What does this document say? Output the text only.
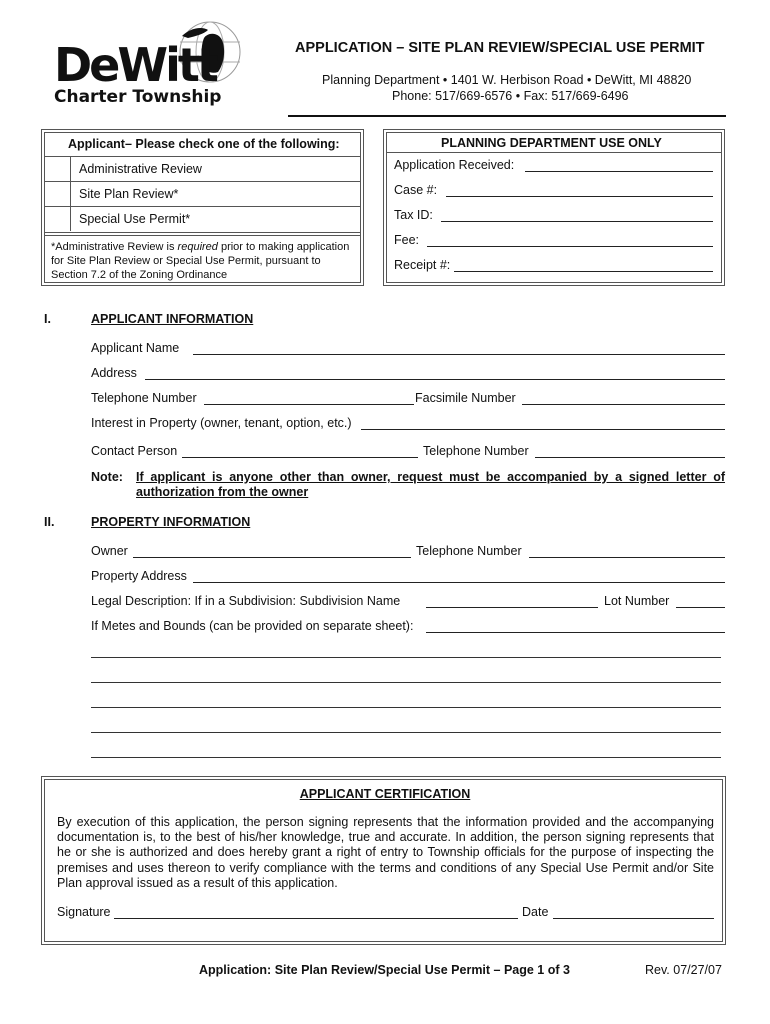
DeWitt
Charter Township
APPLICATION – SITE PLAN REVIEW/SPECIAL USE PERMIT
Planning Department • 1401 W. Herbison Road • DeWitt, MI 48820
Phone: 517/669-6576 • Fax: 517/669-6496
Applicant– Please check one of the following:
Administrative Review
Site Plan Review*
Special Use Permit*
*Administrative Review is required prior to making application for Site Plan Review or Special Use Permit, pursuant to Section 7.2 of the Zoning Ordinance
PLANNING DEPARTMENT USE ONLY
Application Received:
Case #:
Tax ID:
Fee:
Receipt #:
I.	APPLICANT INFORMATION
Applicant Name
Address
Telephone Number	Facsimile Number
Interest in Property (owner, tenant, option, etc.)
Contact Person	Telephone Number
Note: If applicant is anyone other than owner, request must be accompanied by a signed letter of authorization from the owner
II.	PROPERTY INFORMATION
Owner	Telephone Number
Property Address
Legal Description: If in a Subdivision: Subdivision Name	Lot Number
If Metes and Bounds (can be provided on separate sheet):
APPLICANT CERTIFICATION
By execution of this application, the person signing represents that the information provided and the accompanying documentation is, to the best of his/her knowledge, true and accurate. In addition, the person signing represents that he or she is authorized and does hereby grant a right of entry to Township officials for the purpose of inspecting the premises and uses thereon to verify compliance with the terms and conditions of any Special Use Permit and/or Site Plan approval issued as a result of this application.
Signature	Date
Application: Site Plan Review/Special Use Permit – Page 1 of 3	Rev. 07/27/07
